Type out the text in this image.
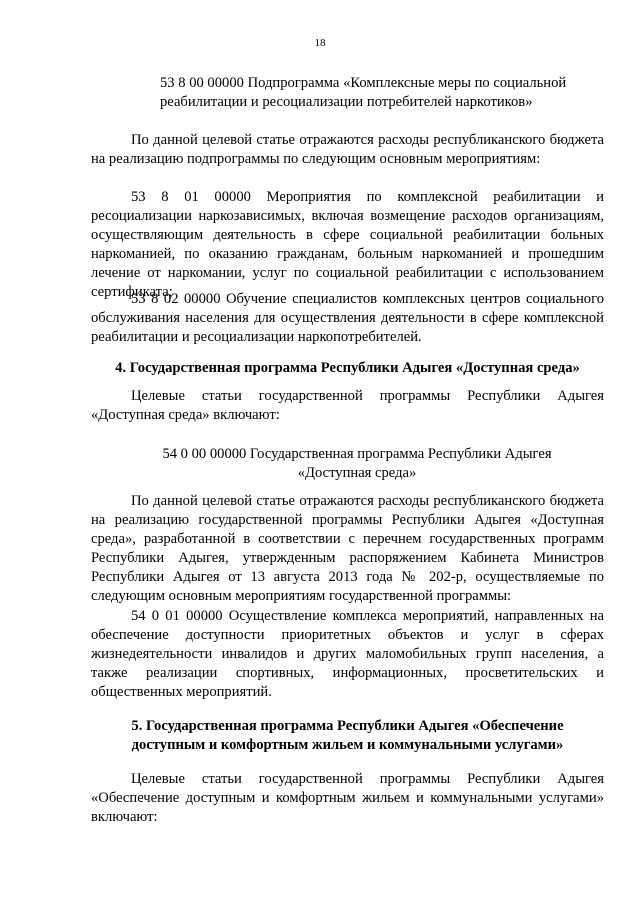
18

53 8 00 00000 Подпрограмма «Комплексные меры по социальной

реабилитации и ресоциализации потребителей наркотиков»

По данной целевой статье отражаются расходы республиканского бюджета на реализацию подпрограммы по следующим основным мероприятиям:

53 8 01 00000 Мероприятия по комплексной реабилитации и ресоциализации наркозависимых, включая возмещение расходов организациям, осуществляющим деятельность в сфере социальной реабилитации больных наркоманией, по оказанию гражданам, больным наркоманией и прошедшим лечение от наркомании, услуг по социальной реабилитации с использованием сертификата;

53 8 02 00000 Обучение специалистов комплексных центров социального обслуживания населения для осуществления деятельности в сфере комплексной реабилитации и ресоциализации наркопотребителей.

4. Государственная программа Республики Адыгея «Доступная среда»

Целевые статьи государственной программы Республики Адыгея «Доступная среда» включают:

54 0 00 00000 Государственная программа Республики Адыгея

«Доступная среда»

По данной целевой статье отражаются расходы республиканского бюджета на реализацию государственной программы Республики Адыгея «Доступная среда», разработанной в соответствии с перечнем государственных программ Республики Адыгея, утвержденным распоряжением Кабинета Министров Республики Адыгея от 13 августа 2013 года № 202-р, осуществляемые по следующим основным мероприятиям государственной программы:

54 0 01 00000 Осуществление комплекса мероприятий, направленных на обеспечение доступности приоритетных объектов и услуг в сферах жизнедеятельности инвалидов и других маломобильных групп населения, а также реализации спортивных, информационных, просветительских и общественных мероприятий.

5. Государственная программа Республики Адыгея «Обеспечение

доступным и комфортным жильем и коммунальными услугами»

Целевые статьи государственной программы Республики Адыгея «Обеспечение доступным и комфортным жильем и коммунальными услугами» включают:
